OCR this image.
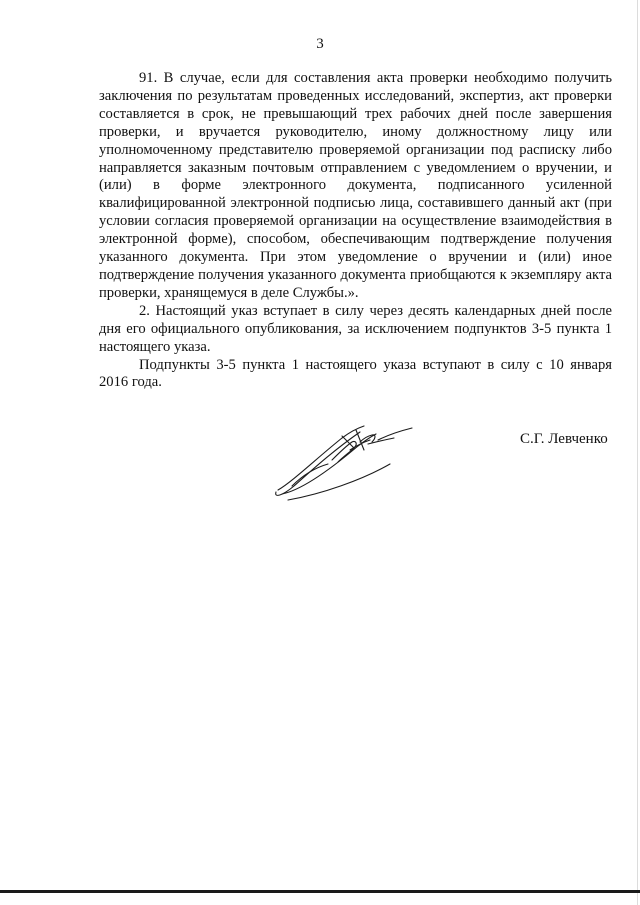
3

91. В случае, если для составления акта проверки необходимо получить заключения по результатам проведенных исследований, экспертиз, акт проверки составляется в срок, не превышающий трех рабочих дней после завершения проверки, и вручается руководителю, иному должностному лицу или уполномоченному представителю проверяемой организации под расписку либо направляется заказным почтовым отправлением с уведомлением о вручении, и (или) в форме электронного документа, подписанного усиленной квалифицированной электронной подписью лица, составившего данный акт (при условии согласия проверяемой организации на осуществление взаимодействия в электронной форме), способом, обеспечивающим подтверждение получения указанного документа. При этом уведомление о вручении и (или) иное подтверждение получения указанного документа приобщаются к экземпляру акта проверки, хранящемуся в деле Службы.».

2. Настоящий указ вступает в силу через десять календарных дней после дня его официального опубликования, за исключением подпунктов 3-5 пункта 1 настоящего указа.

Подпункты 3-5 пункта 1 настоящего указа вступают в силу с 10 января 2016 года.

С.Г. Левченко
